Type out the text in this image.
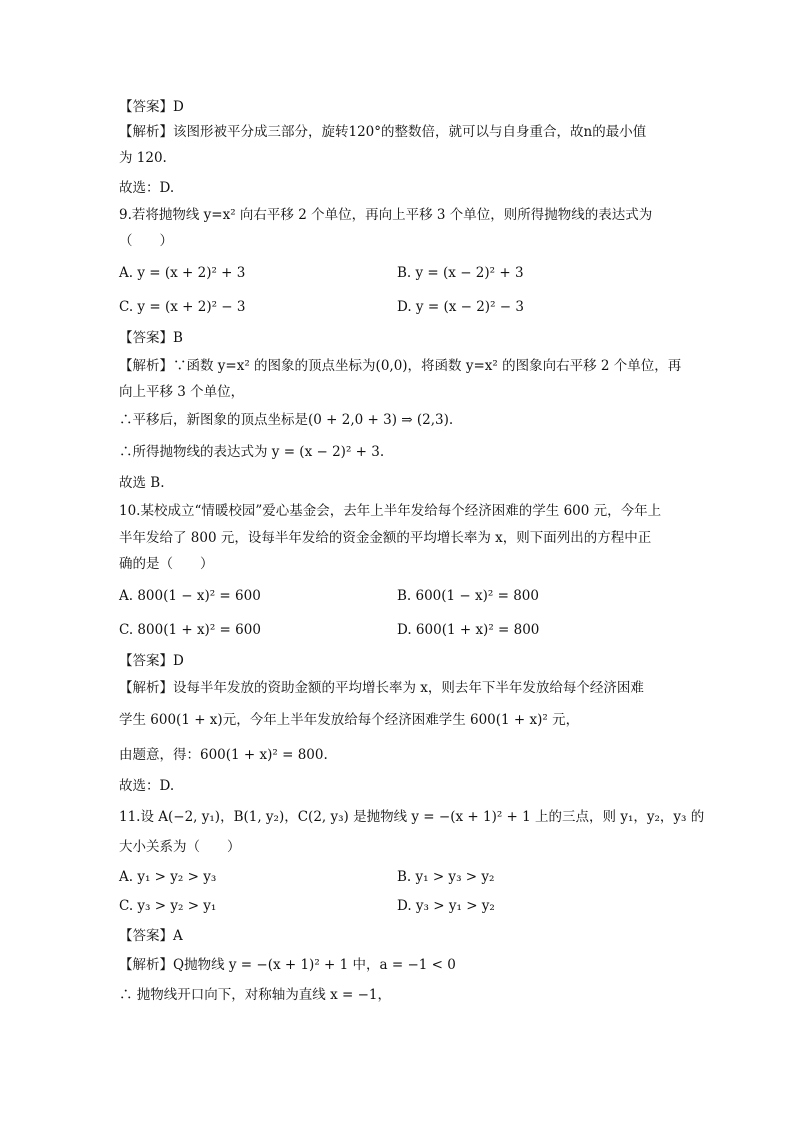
【答案】D
【解析】该图形被平分成三部分，旋转120°的整数倍，就可以与自身重合，故n的最小值
为 120.
故选：D.
9.若将抛物线 y=x² 向右平移 2 个单位，再向上平移 3 个单位，则所得抛物线的表达式为
（　　）
A. y = (x + 2)² + 3	B. y = (x − 2)² + 3
C. y = (x + 2)² − 3	D. y = (x − 2)² − 3
【答案】B
【解析】∵函数 y=x² 的图象的顶点坐标为(0,0)，将函数 y=x² 的图象向右平移 2 个单位，再
向上平移 3 个单位，
∴平移后，新图象的顶点坐标是(0 + 2,0 + 3) ⇒ (2,3).
∴所得抛物线的表达式为 y = (x − 2)² + 3.
故选 B.
10.某校成立“情暖校园”爱心基金会，去年上半年发给每个经济困难的学生 600 元，今年上
半年发给了 800 元，设每半年发给的资金金额的平均增长率为 x，则下面列出的方程中正
确的是（　　）
A. 800(1 − x)² = 600	B. 600(1 − x)² = 800
C. 800(1 + x)² = 600	D. 600(1 + x)² = 800
【答案】D
【解析】设每半年发放的资助金额的平均增长率为 x，则去年下半年发放给每个经济困难
学生 600(1 + x)元，今年上半年发放给每个经济困难学生 600(1 + x)² 元，
由题意，得：600(1 + x)² = 800.
故选：D.
11.设 A(−2, y₁)，B(1, y₂)，C(2, y₃) 是抛物线 y = −(x + 1)² + 1 上的三点，则 y₁，y₂，y₃ 的
大小关系为（　　）
A. y₁ > y₂ > y₃	B. y₁ > y₃ > y₂
C. y₃ > y₂ > y₁	D. y₃ > y₁ > y₂
【答案】A
【解析】Q抛物线 y = −(x + 1)² + 1 中，a = −1 < 0
∴ 抛物线开口向下，对称轴为直线 x = −1，
